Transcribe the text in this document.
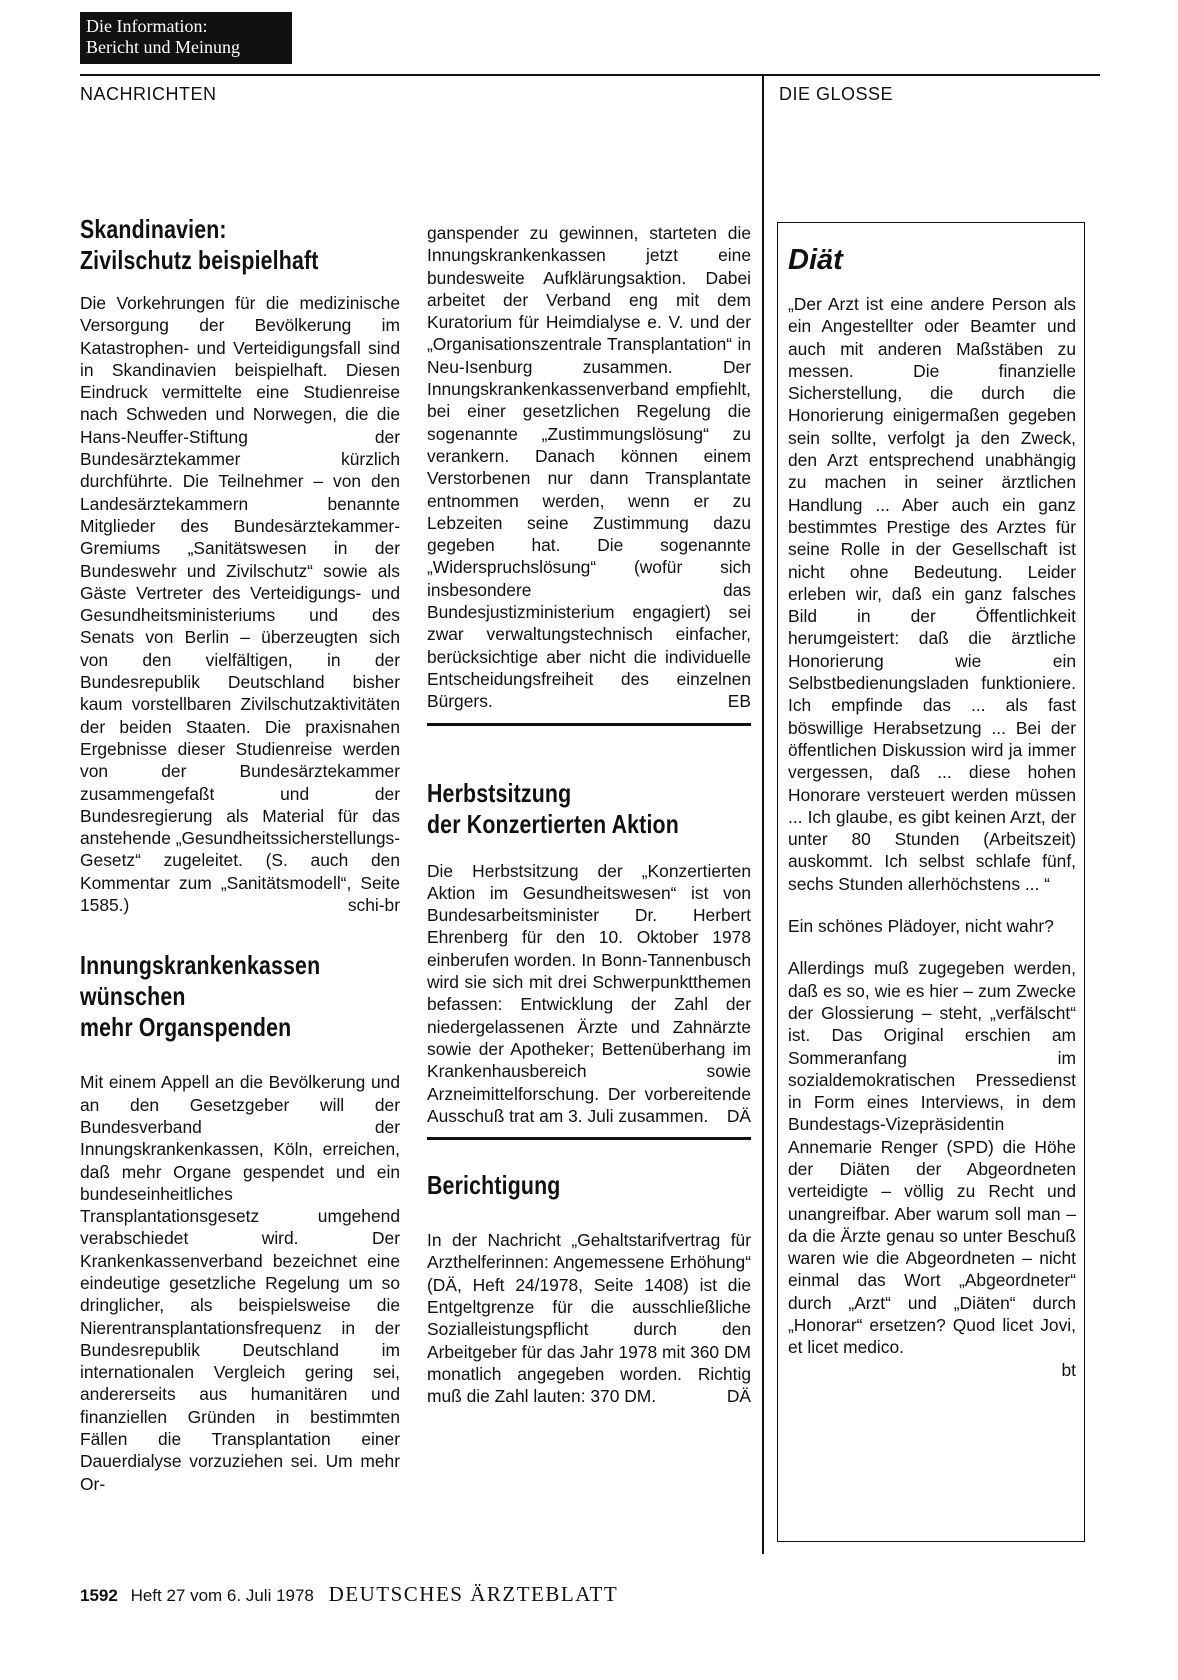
Die Information:
Bericht und Meinung
NACHRICHTEN	DIE GLOSSE
Skandinavien:
Zivilschutz beispielhaft

Die Vorkehrungen für die medizinische Versorgung der Bevölkerung im Katastrophen- und Verteidigungsfall sind in Skandinavien beispielhaft. Diesen Eindruck vermittelte eine Studienreise nach Schweden und Norwegen, die die Hans-Neuffer-Stiftung der Bundesärztekammer kürzlich durchführte. Die Teilnehmer – von den Landesärztekammern benannte Mitglieder des Bundesärztekammer-Gremiums „Sanitätswesen in der Bundeswehr und Zivilschutz“ sowie als Gäste Vertreter des Verteidigungs- und Gesundheitsministeriums und des Senats von Berlin – überzeugten sich von den vielfältigen, in der Bundesrepublik Deutschland bisher kaum vorstellbaren Zivilschutzaktivitäten der beiden Staaten. Die praxisnahen Ergebnisse dieser Studienreise werden von der Bundesärztekammer zusammengefaßt und der Bundesregierung als Material für das anstehende „Gesundheitssicherstellungs-Gesetz“ zugeleitet. (S. auch den Kommentar zum „Sanitätsmodell“, Seite 1585.)	schi-br

Innungskrankenkassen
wünschen
mehr Organspenden

Mit einem Appell an die Bevölkerung und an den Gesetzgeber will der Bundesverband der Innungskrankenkassen, Köln, erreichen, daß mehr Organe gespendet und ein bundeseinheitliches Transplantationsgesetz umgehend verabschiedet wird. Der Krankenkassenverband bezeichnet eine eindeutige gesetzliche Regelung um so dringlicher, als beispielsweise die Nierentransplantationsfrequenz in der Bundesrepublik Deutschland im internationalen Vergleich gering sei, andererseits aus humanitären und finanziellen Gründen in bestimmten Fällen die Transplantation einer Dauerdialyse vorzuziehen sei. Um mehr Or-

ganspender zu gewinnen, starteten die Innungskrankenkassen jetzt eine bundesweite Aufklärungsaktion. Dabei arbeitet der Verband eng mit dem Kuratorium für Heimdialyse e. V. und der „Organisationszentrale Transplantation“ in Neu-Isenburg zusammen. Der Innungskrankenkassenverband empfiehlt, bei einer gesetzlichen Regelung die sogenannte „Zustimmungslösung“ zu verankern. Danach können einem Verstorbenen nur dann Transplantate entnommen werden, wenn er zu Lebzeiten seine Zustimmung dazu gegeben hat. Die sogenannte „Widerspruchslösung“ (wofür sich insbesondere das Bundesjustizministerium engagiert) sei zwar verwaltungstechnisch einfacher, berücksichtige aber nicht die individuelle Entscheidungsfreiheit des einzelnen Bürgers.	EB

Herbstsitzung
der Konzertierten Aktion

Die Herbstsitzung der „Konzertierten Aktion im Gesundheitswesen“ ist von Bundesarbeitsminister Dr. Herbert Ehrenberg für den 10. Oktober 1978 einberufen worden. In Bonn-Tannenbusch wird sie sich mit drei Schwerpunktthemen befassen: Entwicklung der Zahl der niedergelassenen Ärzte und Zahnärzte sowie der Apotheker; Bettenüberhang im Krankenhausbereich sowie Arzneimittelforschung. Der vorbereitende Ausschuß trat am 3. Juli zusammen. DÄ

Berichtigung

In der Nachricht „Gehaltstarifvertrag für Arzthelferinnen: Angemessene Erhöhung“ (DÄ, Heft 24/1978, Seite 1408) ist die Entgeltgrenze für die ausschließliche Sozialleistungspflicht durch den Arbeitgeber für das Jahr 1978 mit 360 DM monatlich angegeben worden. Richtig muß die Zahl lauten: 370 DM.	DÄ

Diät

„Der Arzt ist eine andere Person als ein Angestellter oder Beamter und auch mit anderen Maßstäben zu messen. Die finanzielle Sicherstellung, die durch die Honorierung einigermaßen gegeben sein sollte, verfolgt ja den Zweck, den Arzt entsprechend unabhängig zu machen in seiner ärztlichen Handlung ... Aber auch ein ganz bestimmtes Prestige des Arztes für seine Rolle in der Gesellschaft ist nicht ohne Bedeutung. Leider erleben wir, daß ein ganz falsches Bild in der Öffentlichkeit herumgeistert: daß die ärztliche Honorierung wie ein Selbstbedienungsladen funktioniere. Ich empfinde das ... als fast böswillige Herabsetzung ... Bei der öffentlichen Diskussion wird ja immer vergessen, daß ... diese hohen Honorare versteuert werden müssen ... Ich glaube, es gibt keinen Arzt, der unter 80 Stunden (Arbeitszeit) auskommt. Ich selbst schlafe fünf, sechs Stunden allerhöchstens ... “

Ein schönes Plädoyer, nicht wahr?

Allerdings muß zugegeben werden, daß es so, wie es hier – zum Zwecke der Glossierung – steht, „verfälscht“ ist. Das Original erschien am Sommeranfang im sozialdemokratischen Pressedienst in Form eines Interviews, in dem Bundestags-Vizepräsidentin Annemarie Renger (SPD) die Höhe der Diäten der Abgeordneten verteidigte – völlig zu Recht und unangreifbar. Aber warum soll man – da die Ärzte genau so unter Beschuß waren wie die Abgeordneten – nicht einmal das Wort „Abgeordneter“ durch „Arzt“ und „Diäten“ durch „Honorar“ ersetzen? Quod licet Jovi, et licet medico.

bt
1592 Heft 27 vom 6. Juli 1978 DEUTSCHES ÄRZTEBLATT
